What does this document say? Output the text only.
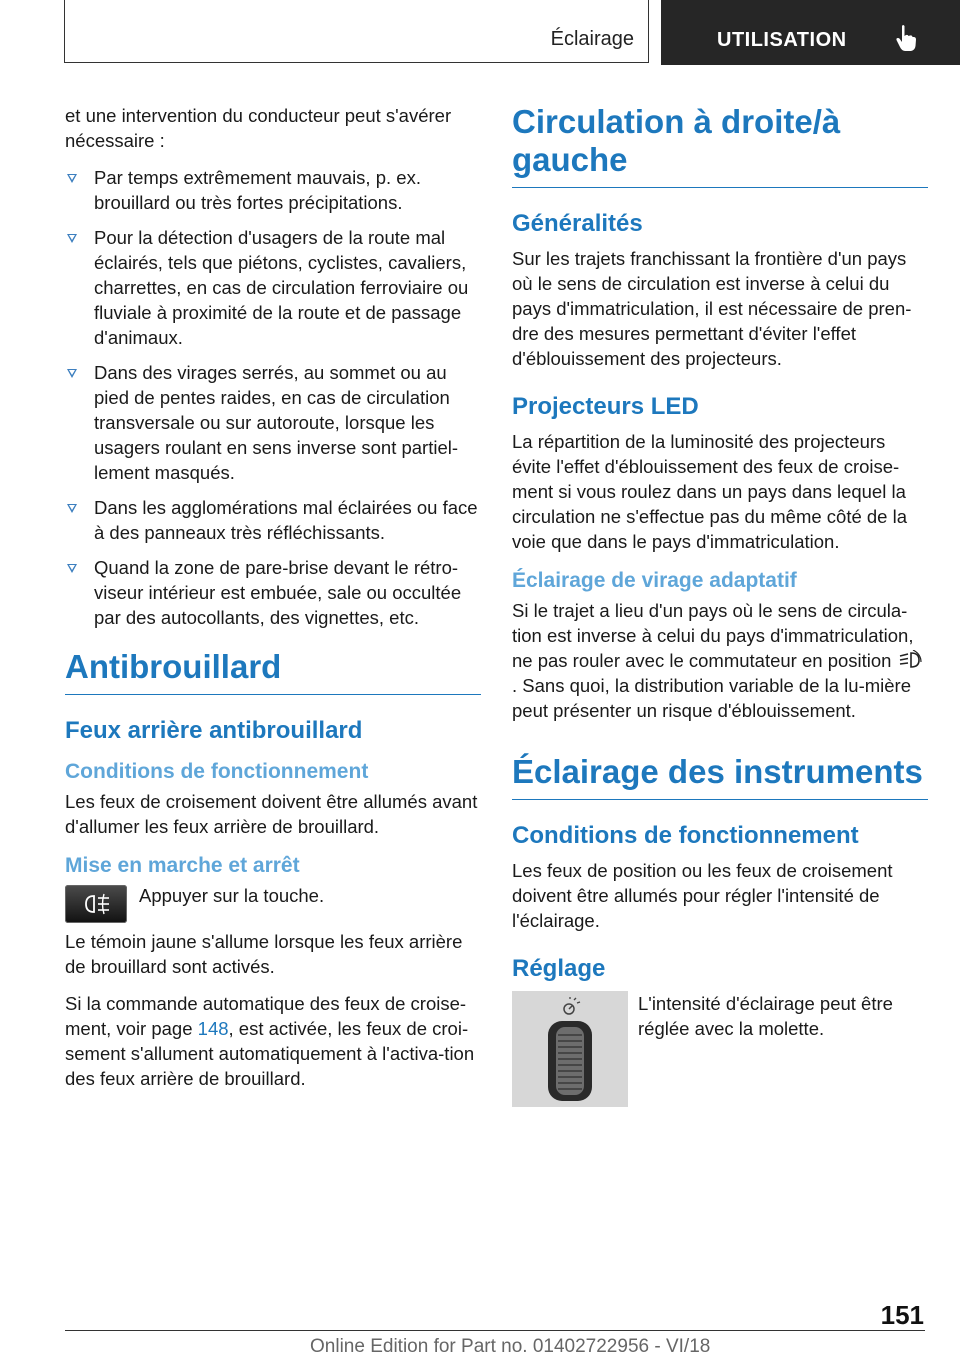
Éclairage	UTILISATION

et une intervention du conducteur peut s'avérer nécessaire :

Par temps extrêmement mauvais, p. ex. brouillard ou très fortes précipitations.
Pour la détection d'usagers de la route mal éclairés, tels que piétons, cyclistes, cavaliers, charrettes, en cas de circulation ferroviaire ou fluviale à proximité de la route et de passage d'animaux.
Dans des virages serrés, au sommet ou au pied de pentes raides, en cas de circulation transversale ou sur autoroute, lorsque les usagers roulant en sens inverse sont partiel-lement masqués.
Dans les agglomérations mal éclairées ou face à des panneaux très réfléchissants.
Quand la zone de pare-brise devant le rétro-viseur intérieur est embuée, sale ou occultée par des autocollants, des vignettes, etc.
Antibrouillard
Feux arrière antibrouillard
Conditions de fonctionnement

Les feux de croisement doivent être allumés avant d'allumer les feux arrière de brouillard.

Mise en marche et arrêt

Appuyer sur la touche.

Le témoin jaune s'allume lorsque les feux arrière de brouillard sont activés.

Si la commande automatique des feux de croise-ment, voir page 148, est activée, les feux de croi-sement s'allument automatiquement à l'activa-tion des feux arrière de brouillard.

Circulation à droite/à gauche
Généralités

Sur les trajets franchissant la frontière d'un pays où le sens de circulation est inverse à celui du pays d'immatriculation, il est nécessaire de pren-dre des mesures permettant d'éviter l'effet d'éblouissement des projecteurs.

Projecteurs LED

La répartition de la luminosité des projecteurs évite l'effet d'éblouissement des feux de croise-ment si vous roulez dans un pays dans lequel la circulation ne s'effectue pas du même côté de la voie que dans le pays d'immatriculation.

Éclairage de virage adaptatif

Si le trajet a lieu d'un pays où le sens de circula-tion est inverse à celui du pays d'immatriculation, ne pas rouler avec le commutateur en position . Sans quoi, la distribution variable de la lu-mière peut présenter un risque d'éblouissement.

Éclairage des instruments
Conditions de fonctionnement

Les feux de position ou les feux de croisement doivent être allumés pour régler l'intensité de l'éclairage.

Réglage

L'intensité d'éclairage peut être réglée avec la molette.

151
Online Edition for Part no. 01402722956 - VI/18
